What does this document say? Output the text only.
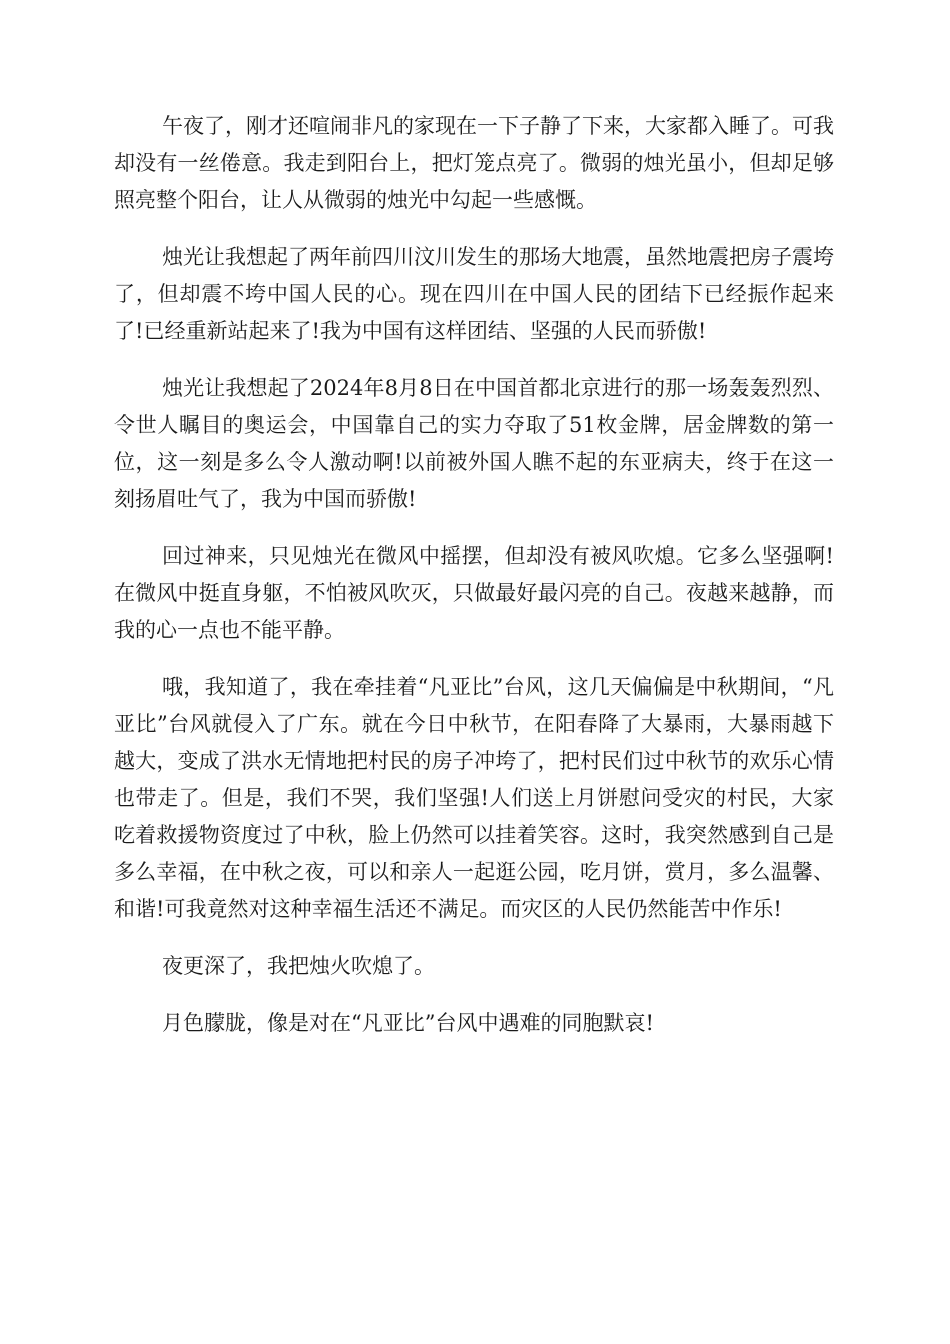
午夜了，刚才还喧闹非凡的家现在一下子静了下来，大家都入睡了。可我却没有一丝倦意。我走到阳台上，把灯笼点亮了。微弱的烛光虽小，但却足够照亮整个阳台，让人从微弱的烛光中勾起一些感慨。

烛光让我想起了两年前四川汶川发生的那场大地震，虽然地震把房子震垮了，但却震不垮中国人民的心。现在四川在中国人民的团结下已经振作起来了!已经重新站起来了!我为中国有这样团结、坚强的人民而骄傲!

烛光让我想起了2024年8月8日在中国首都北京进行的那一场轰轰烈烈、令世人瞩目的奥运会，中国靠自己的实力夺取了51枚金牌，居金牌数的第一位，这一刻是多么令人激动啊!以前被外国人瞧不起的东亚病夫，终于在这一刻扬眉吐气了，我为中国而骄傲!

回过神来，只见烛光在微风中摇摆，但却没有被风吹熄。它多么坚强啊!在微风中挺直身躯，不怕被风吹灭，只做最好最闪亮的自己。夜越来越静，而我的心一点也不能平静。

哦，我知道了，我在牵挂着“凡亚比”台风，这几天偏偏是中秋期间，“凡亚比”台风就侵入了广东。就在今日中秋节，在阳春降了大暴雨，大暴雨越下越大，变成了洪水无情地把村民的房子冲垮了，把村民们过中秋节的欢乐心情也带走了。但是，我们不哭，我们坚强!人们送上月饼慰问受灾的村民，大家吃着救援物资度过了中秋，脸上仍然可以挂着笑容。这时，我突然感到自己是多么幸福，在中秋之夜，可以和亲人一起逛公园，吃月饼，赏月，多么温馨、和谐!可我竟然对这种幸福生活还不满足。而灾区的人民仍然能苦中作乐!

夜更深了，我把烛火吹熄了。

月色朦胧，像是对在“凡亚比”台风中遇难的同胞默哀!
